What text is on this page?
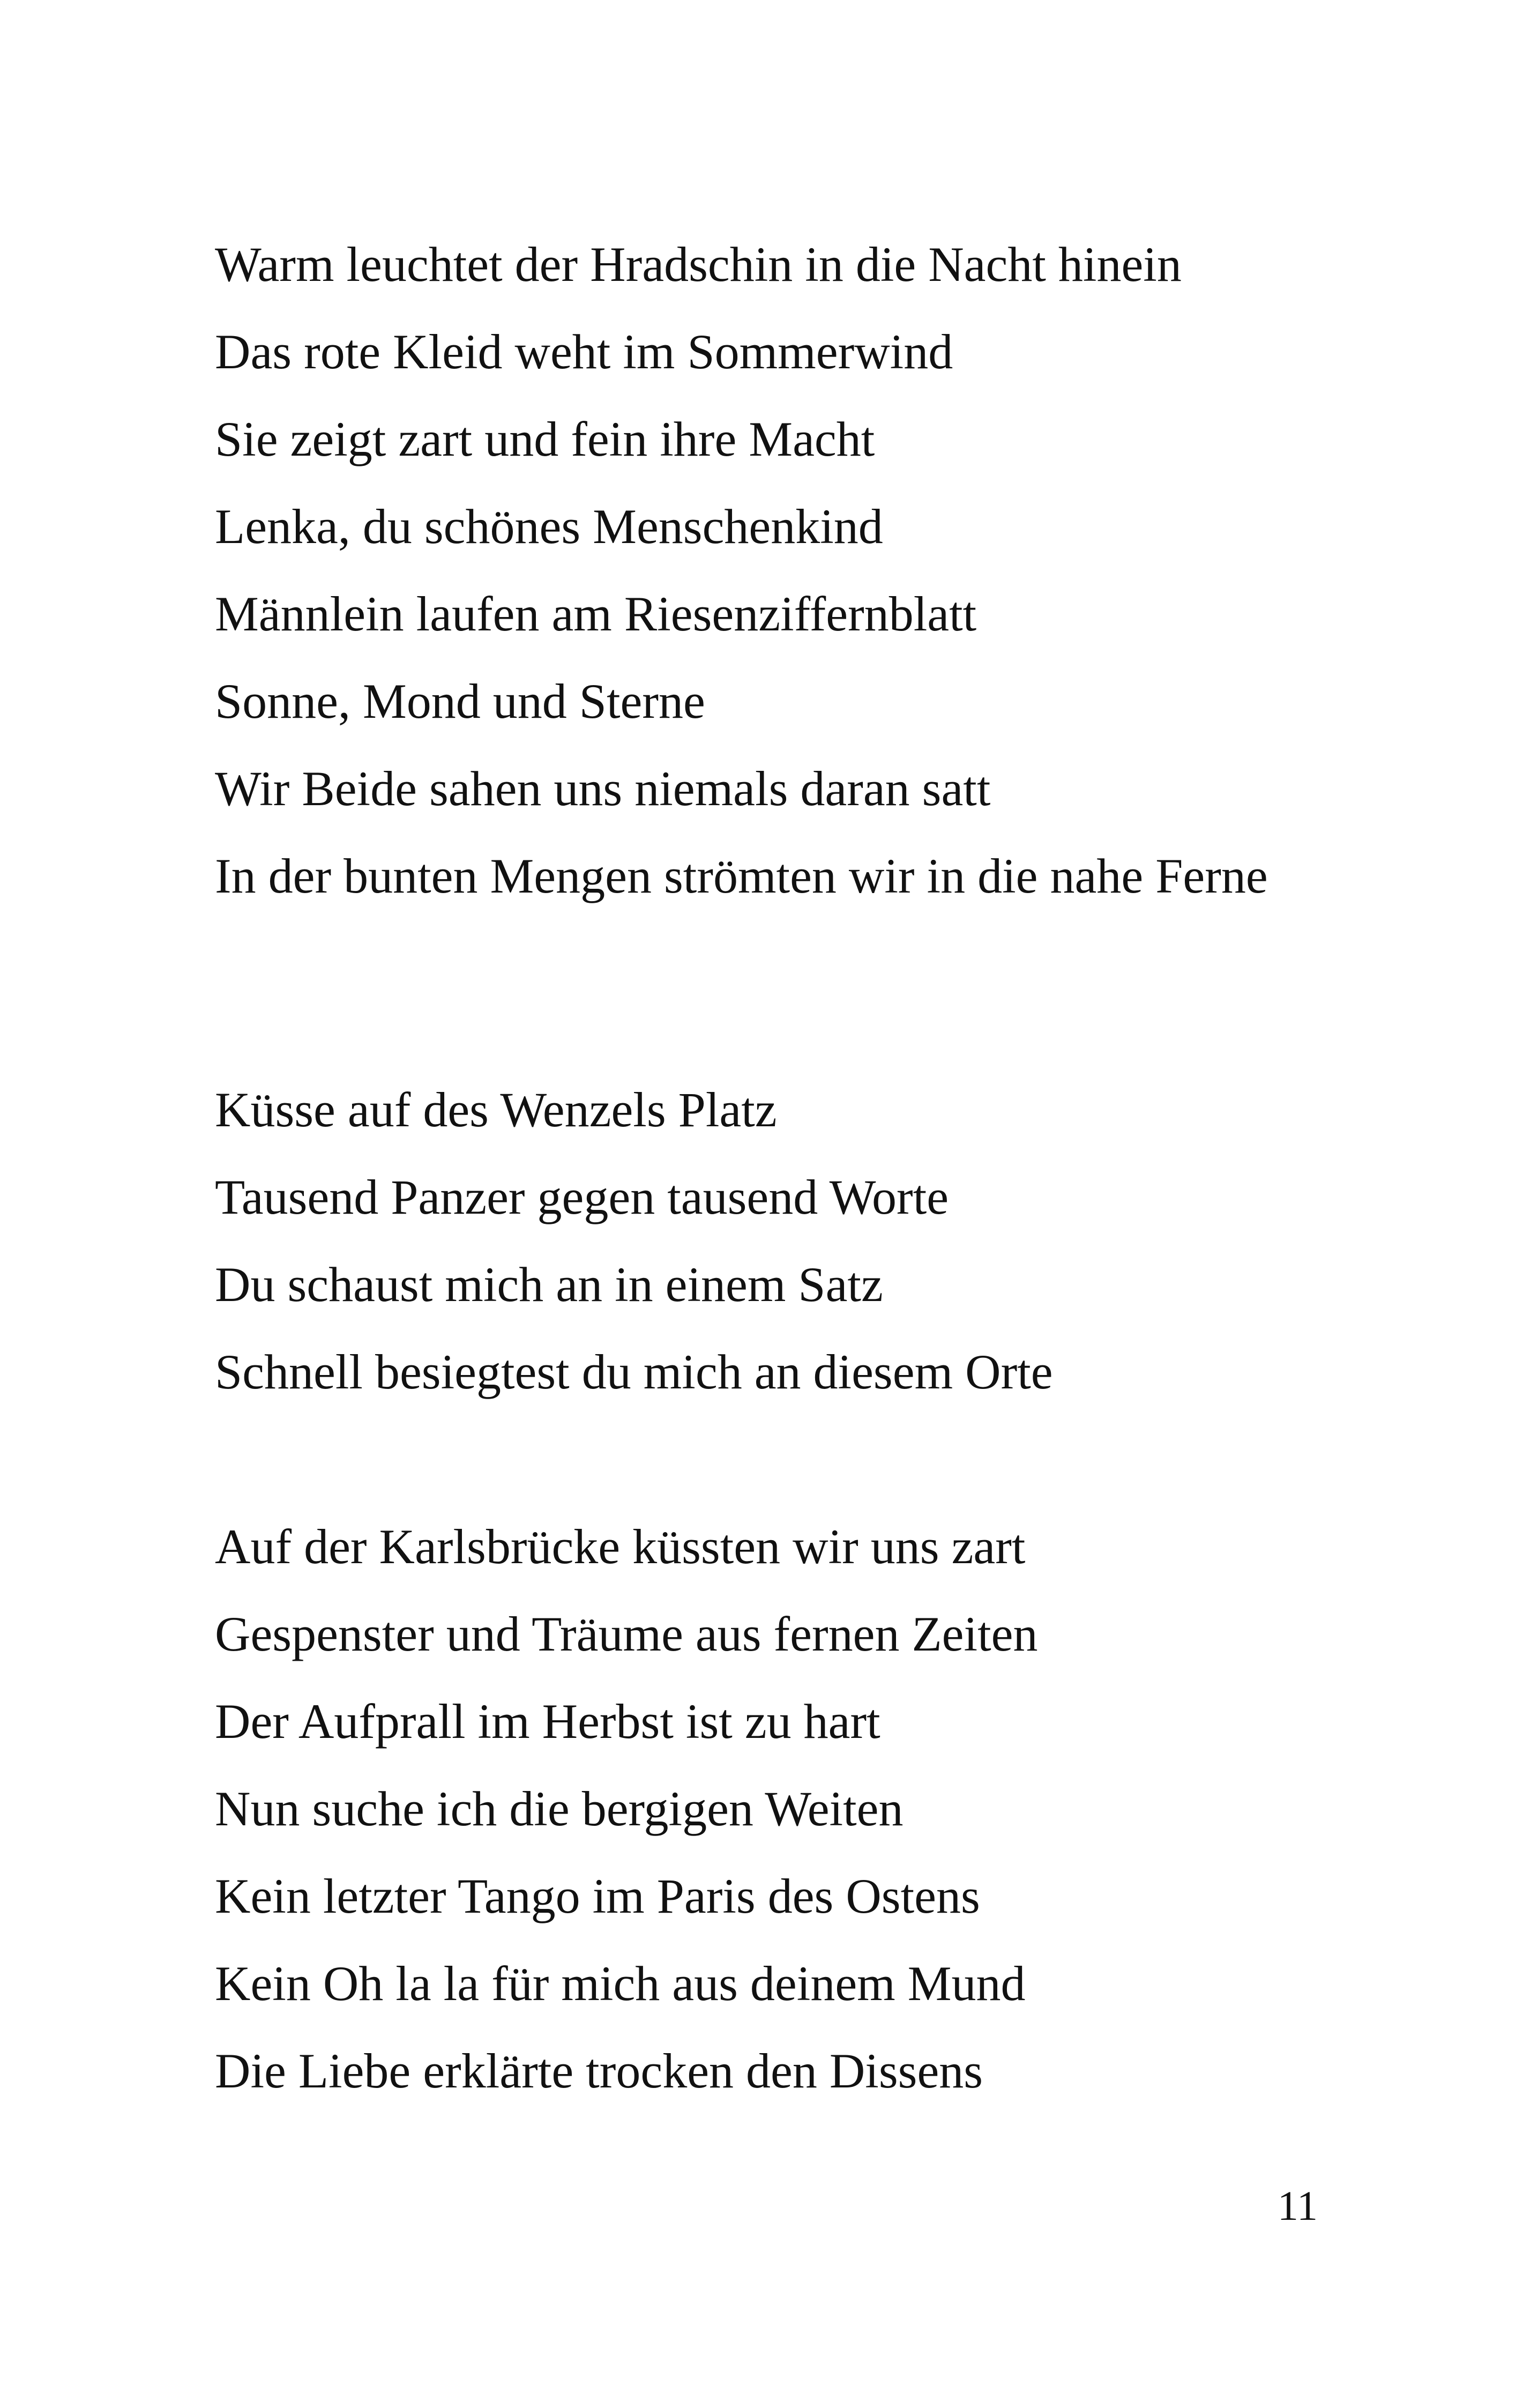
Warm leuchtet der Hradschin in die Nacht hinein
Das rote Kleid weht im Sommerwind
Sie zeigt zart und fein ihre Macht
Lenka, du schönes Menschenkind
Männlein laufen am Riesenziffernblatt
Sonne, Mond und Sterne
Wir Beide sahen uns niemals daran satt
In der bunten Mengen strömten wir in die nahe Ferne
Küsse auf des Wenzels Platz
Tausend Panzer gegen tausend Worte
Du schaust mich an in einem Satz
Schnell besiegtest du mich an diesem Orte
Auf der Karlsbrücke küssten wir uns zart
Gespenster und Träume aus fernen Zeiten
Der Aufprall im Herbst ist zu hart
Nun suche ich die bergigen Weiten
Kein letzter Tango im Paris des Ostens
Kein Oh la la für mich aus deinem Mund
Die Liebe erklärte trocken den Dissens
11
